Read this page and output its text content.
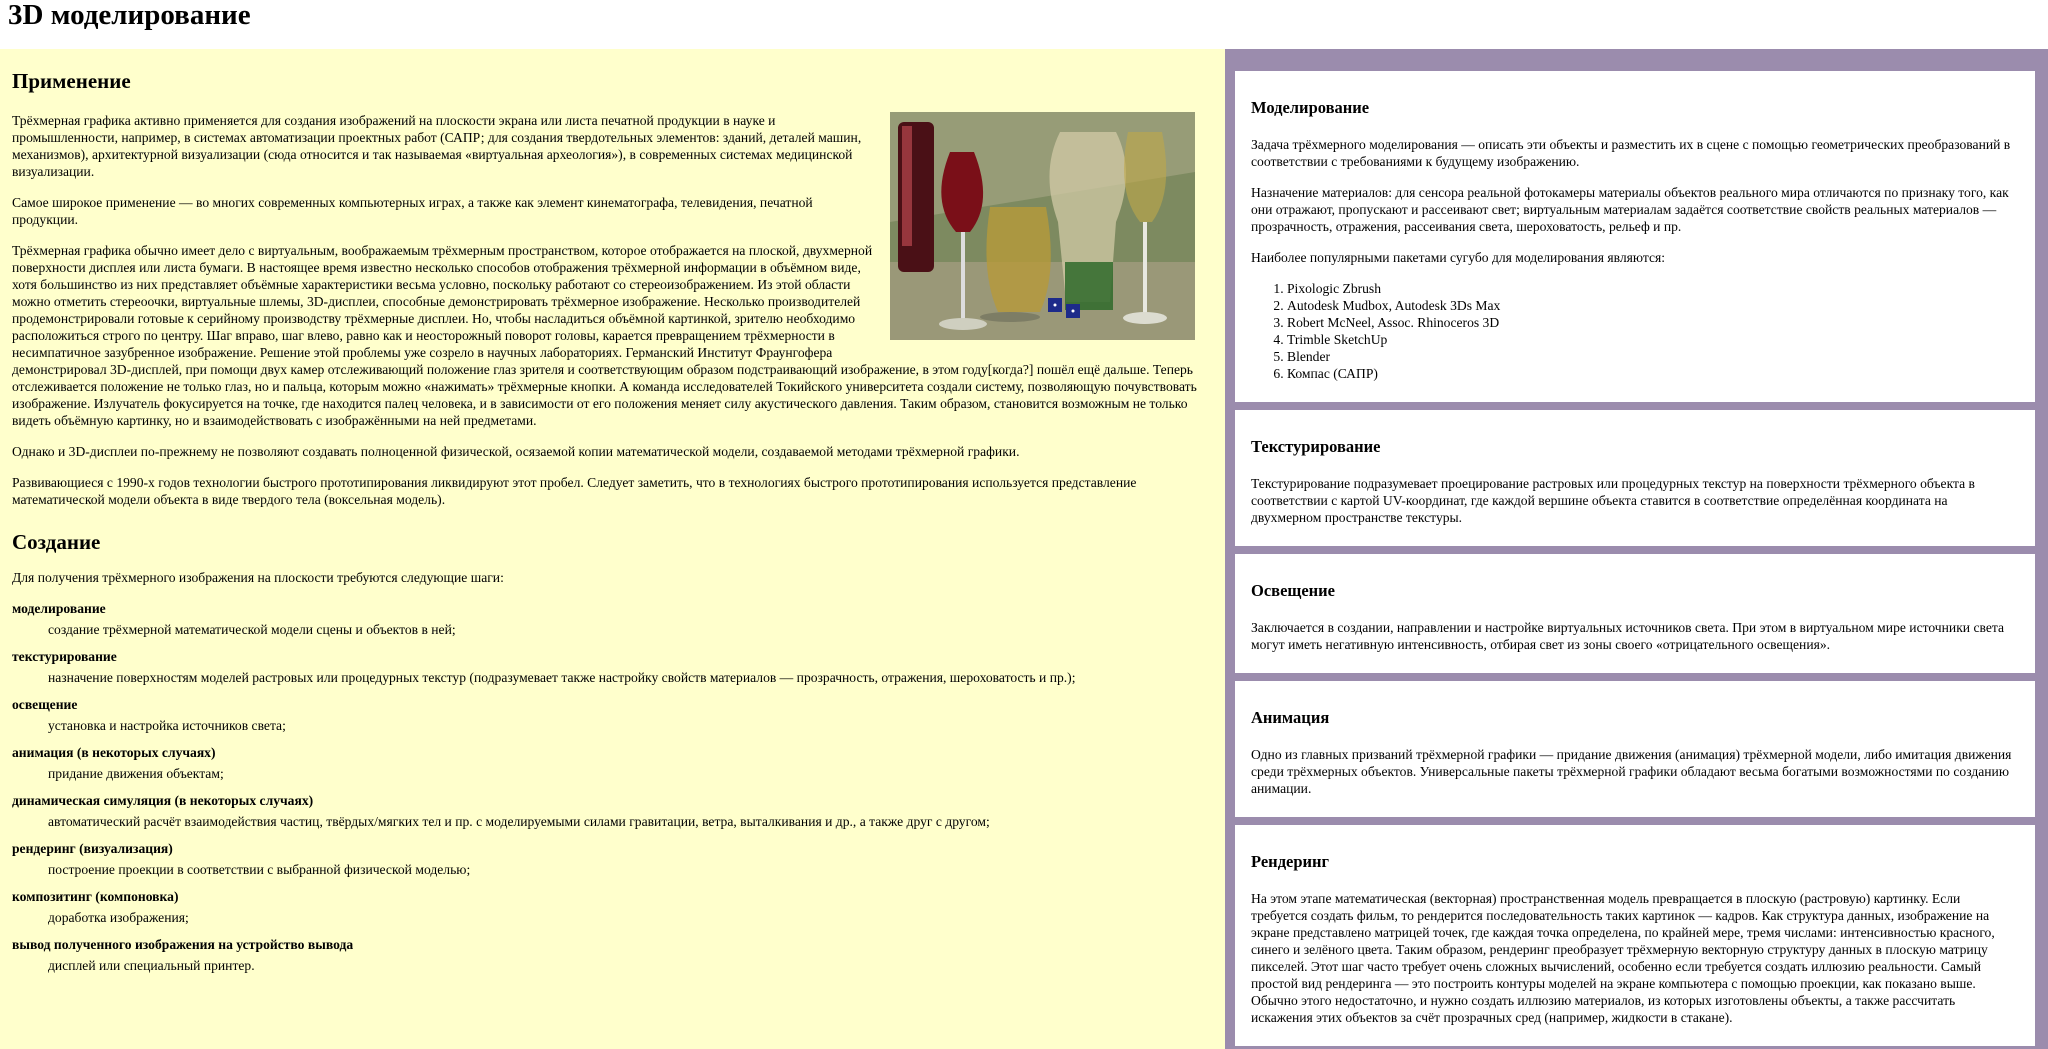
3D моделирование
Применение

Трёхмерная графика активно применяется для создания изображений на плоскости экрана или листа печатной продукции в науке и промышленности, например, в системах автоматизации проектных работ (САПР; для создания твердотельных элементов: зданий, деталей машин, механизмов), архитектурной визуализации (сюда относится и так называемая «виртуальная археология»), в современных системах медицинской визуализации.

Самое широкое применение — во многих современных компьютерных играх, а также как элемент кинематографа, телевидения, печатной продукции.

Трёхмерная графика обычно имеет дело с виртуальным, воображаемым трёхмерным пространством, которое отображается на плоской, двухмерной поверхности дисплея или листа бумаги. В настоящее время известно несколько способов отображения трёхмерной информации в объёмном виде, хотя большинство из них представляет объёмные характеристики весьма условно, поскольку работают со стереоизображением. Из этой области можно отметить стереоочки, виртуальные шлемы, 3D-дисплеи, способные демонстрировать трёхмерное изображение. Несколько производителей продемонстрировали готовые к серийному производству трёхмерные дисплеи. Но, чтобы насладиться объёмной картинкой, зрителю необходимо расположиться строго по центру. Шаг вправо, шаг влево, равно как и неосторожный поворот головы, карается превращением трёхмерности в несимпатичное зазубренное изображение. Решение этой проблемы уже созрело в научных лабораториях. Германский Институт Фраунгофера демонстрировал 3D-дисплей, при помощи двух камер отслеживающий положение глаз зрителя и соответствующим образом подстраивающий изображение, в этом году[когда?] пошёл ещё дальше. Теперь отслеживается положение не только глаз, но и пальца, которым можно «нажимать» трёхмерные кнопки. А команда исследователей Токийского университета создали систему, позволяющую почувствовать изображение. Излучатель фокусируется на точке, где находится палец человека, и в зависимости от его положения меняет силу акустического давления. Таким образом, становится возможным не только видеть объёмную картинку, но и взаимодействовать с изображёнными на ней предметами.

Однако и 3D-дисплеи по-прежнему не позволяют создавать полноценной физической, осязаемой копии математической модели, создаваемой методами трёхмерной графики.

Развивающиеся с 1990-х годов технологии быстрого прототипирования ликвидируют этот пробел. Следует заметить, что в технологиях быстрого прототипирования используется представление математической модели объекта в виде твердого тела (воксельная модель).

Создание

Для получения трёхмерного изображения на плоскости требуются следующие шаги:

моделирование
создание трёхмерной математической модели сцены и объектов в ней;
текстурирование
назначение поверхностям моделей растровых или процедурных текстур (подразумевает также настройку свойств материалов — прозрачность, отражения, шероховатость и пр.);
освещение
установка и настройка источников света;
анимация (в некоторых случаях)
придание движения объектам;
динамическая симуляция (в некоторых случаях)
автоматический расчёт взаимодействия частиц, твёрдых/мягких тел и пр. с моделируемыми силами гравитации, ветра, выталкивания и др., а также друг с другом;
рендеринг (визуализация)
построение проекции в соответствии с выбранной физической моделью;
композитинг (компоновка)
доработка изображения;
вывод полученного изображения на устройство вывода
дисплей или специальный принтер.
Моделирование

Задача трёхмерного моделирования — описать эти объекты и разместить их в сцене с помощью геометрических преобразований в соответствии с требованиями к будущему изображению.

Назначение материалов: для сенсора реальной фотокамеры материалы объектов реального мира отличаются по признаку того, как они отражают, пропускают и рассеивают свет; виртуальным материалам задаётся соответствие свойств реальных материалов — прозрачность, отражения, рассеивания света, шероховатость, рельеф и пр.

Наиболее популярными пакетами сугубо для моделирования являются:

1. Pixologic Zbrush
2. Autodesk Mudbox, Autodesk 3Ds Max
3. Robert McNeel, Assoc. Rhinoceros 3D
4. Trimble SketchUp
5. Blender
6. Компас (САПР)
Текстурирование

Текстурирование подразумевает проецирование растровых или процедурных текстур на поверхности трёхмерного объекта в соответствии с картой UV-координат, где каждой вершине объекта ставится в соответствие определённая координата на двухмерном пространстве текстуры.

Освещение

Заключается в создании, направлении и настройке виртуальных источников света. При этом в виртуальном мире источники света могут иметь негативную интенсивность, отбирая свет из зоны своего «отрицательного освещения».

Анимация

Одно из главных призваний трёхмерной графики — придание движения (анимация) трёхмерной модели, либо имитация движения среди трёхмерных объектов. Универсальные пакеты трёхмерной графики обладают весьма богатыми возможностями по созданию анимации.

Рендеринг

На этом этапе математическая (векторная) пространственная модель превращается в плоскую (растровую) картинку. Если требуется создать фильм, то рендерится последовательность таких картинок — кадров. Как структура данных, изображение на экране представлено матрицей точек, где каждая точка определена, по крайней мере, тремя числами: интенсивностью красного, синего и зелёного цвета. Таким образом, рендеринг преобразует трёхмерную векторную структуру данных в плоскую матрицу пикселей. Этот шаг часто требует очень сложных вычислений, особенно если требуется создать иллюзию реальности. Самый простой вид рендеринга — это построить контуры моделей на экране компьютера с помощью проекции, как показано выше. Обычно этого недостаточно, и нужно создать иллюзию материалов, из которых изготовлены объекты, а также рассчитать искажения этих объектов за счёт прозрачных сред (например, жидкости в стакане).
